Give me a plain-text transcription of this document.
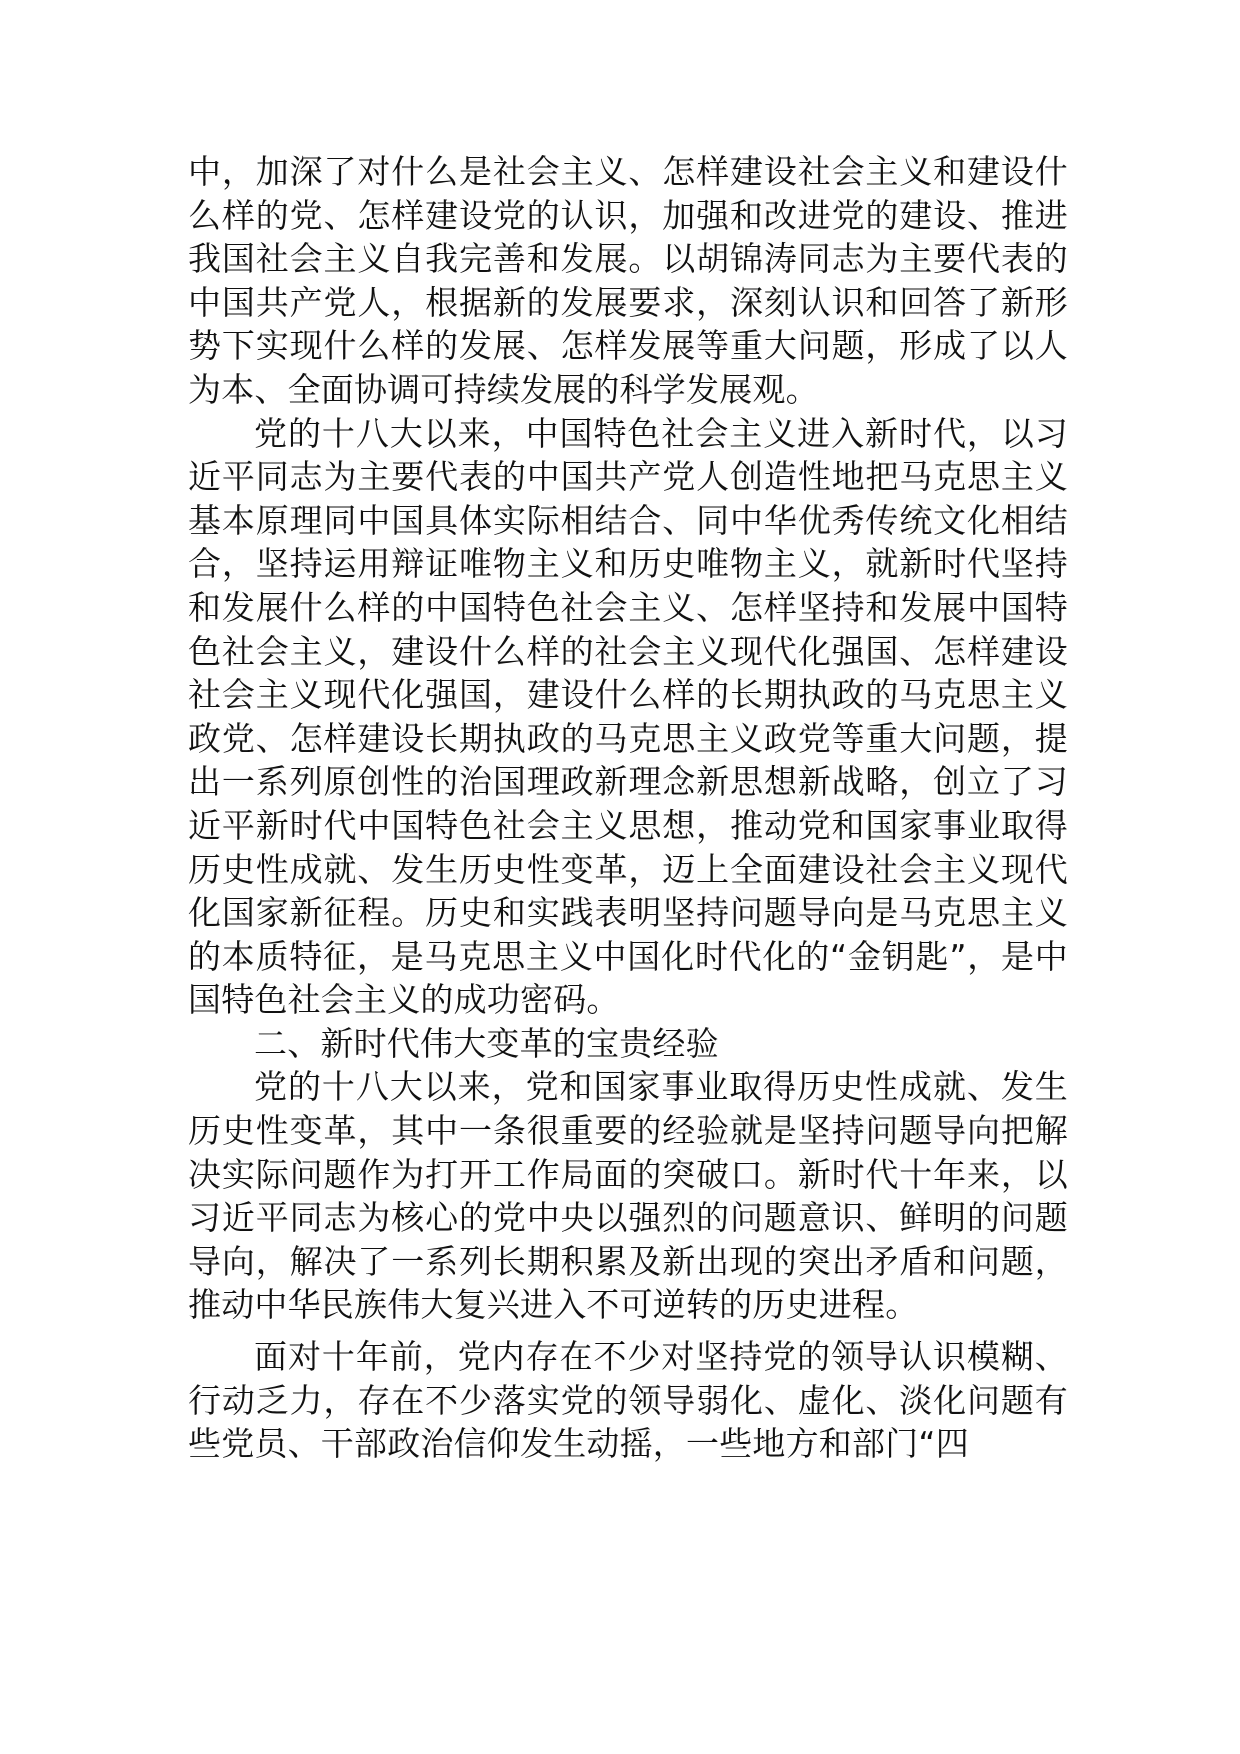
中，加深了对什么是社会主义、怎样建设社会主义和建设什么样的党、怎样建设党的认识，加强和改进党的建设、推进我国社会主义自我完善和发展。以胡锦涛同志为主要代表的中国共产党人，根据新的发展要求，深刻认识和回答了新形势下实现什么样的发展、怎样发展等重大问题，形成了以人为本、全面协调可持续发展的科学发展观。

党的十八大以来，中国特色社会主义进入新时代，以习近平同志为主要代表的中国共产党人创造性地把马克思主义基本原理同中国具体实际相结合、同中华优秀传统文化相结合，坚持运用辩证唯物主义和历史唯物主义，就新时代坚持和发展什么样的中国特色社会主义、怎样坚持和发展中国特色社会主义，建设什么样的社会主义现代化强国、怎样建设社会主义现代化强国，建设什么样的长期执政的马克思主义政党、怎样建设长期执政的马克思主义政党等重大问题，提出一系列原创性的治国理政新理念新思想新战略，创立了习近平新时代中国特色社会主义思想，推动党和国家事业取得历史性成就、发生历史性变革，迈上全面建设社会主义现代化国家新征程。历史和实践表明坚持问题导向是马克思主义的本质特征，是马克思主义中国化时代化的“金钥匙”，是中国特色社会主义的成功密码。

二、新时代伟大变革的宝贵经验

党的十八大以来，党和国家事业取得历史性成就、发生历史性变革，其中一条很重要的经验就是坚持问题导向把解决实际问题作为打开工作局面的突破口。新时代十年来，以习近平同志为核心的党中央以强烈的问题意识、鲜明的问题导向，解决了一系列长期积累及新出现的突出矛盾和问题，推动中华民族伟大复兴进入不可逆转的历史进程。

面对十年前，党内存在不少对坚持党的领导认识模糊、行动乏力，存在不少落实党的领导弱化、虚化、淡化问题有些党员、干部政治信仰发生动摇，一些地方和部门“四
